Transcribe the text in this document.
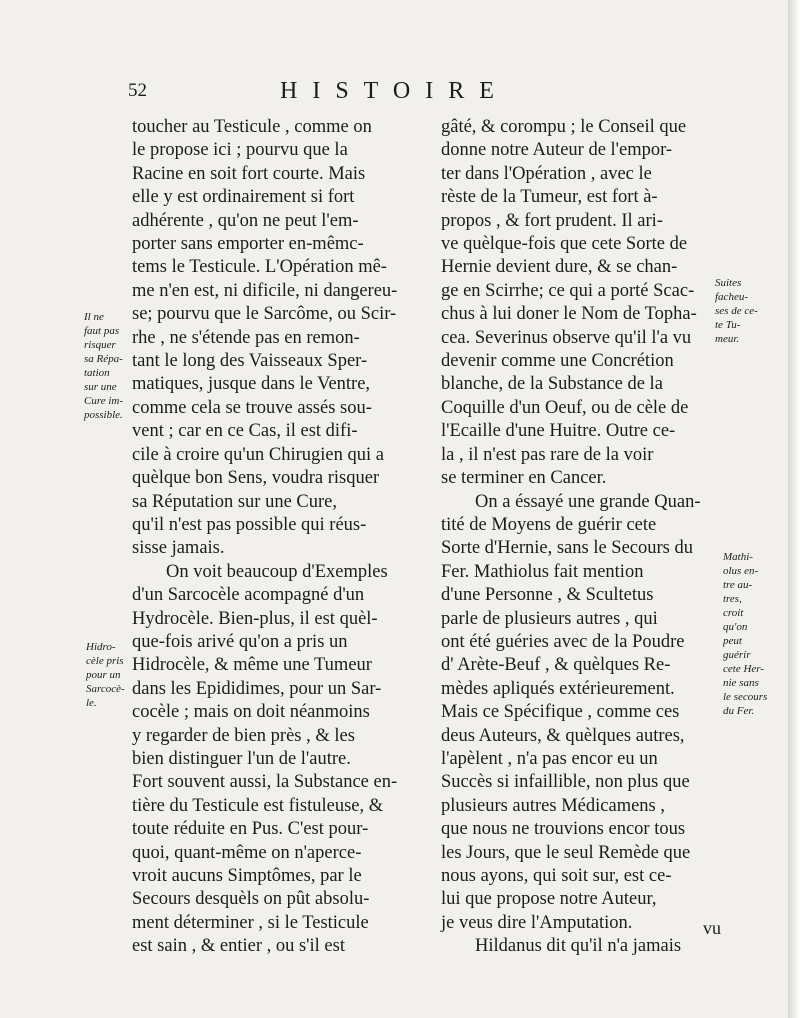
52	HISTOIRE
toucher au Testicule , comme on
le propose ici ; pourvu que la
Racine en soit fort courte. Mais
elle y est ordinairement si fort
adhérente , qu'on ne peut l'em-
porter sans emporter en-mêmc-
tems le Testicule. L'Opération mê-
me n'en est, ni dificile, ni dangereu-
se; pourvu que le Sarcôme, ou Scir-
rhe , ne s'étende pas en remon-
tant le long des Vaisseaux Sper-
matiques, jusque dans le Ventre,
comme cela se trouve assés sou-
vent ; car en ce Cas, il est difi-
cile à croire qu'un Chirugien qui a
quèlque bon Sens, voudra risquer
sa Réputation sur une Cure,
qu'il n'est pas possible qui réus-
sisse jamais.
On voit beaucoup d'Exemples
d'un Sarcocèle acompagné d'un
Hydrocèle. Bien-plus, il est quèl-
que-fois arivé qu'on a pris un
Hidrocèle, & même une Tumeur
dans les Epididimes, pour un Sar-
cocèle ; mais on doit néanmoins
y regarder de bien près , & les
bien distinguer l'un de l'autre.
Fort souvent aussi, la Substance en-
tière du Testicule est fistuleuse, &
toute réduite en Pus. C'est pour-
quoi, quant-même on n'aperce-
vroit aucuns Simptômes, par le
Secours desquèls on pût absolu-
ment déterminer , si le Testicule
est sain , & entier , ou s'il est
gâté, & corompu ; le Conseil que
donne notre Auteur de l'empor-
ter dans l'Opération , avec le
rèste de la Tumeur, est fort à-
propos , & fort prudent. Il ari-
ve quèlque-fois que cete Sorte de
Hernie devient dure, & se chan-
ge en Scirrhe; ce qui a porté Scac-
chus à lui doner le Nom de Topha-
cea. Severinus observe qu'il l'a vu
devenir comme une Concrétion
blanche, de la Substance de la
Coquille d'un Oeuf, ou de cèle de
l'Ecaille d'une Huitre. Outre ce-
la , il n'est pas rare de la voir
se terminer en Cancer.
On a éssayé une grande Quan-
tité de Moyens de guérir cete
Sorte d'Hernie, sans le Secours du
Fer. Mathiolus fait mention
d'une Personne , & Scultetus
parle de plusieurs autres , qui
ont été guéries avec de la Poudre
d' Arète-Beuf , & quèlques Re-
mèdes apliqués extérieurement.
Mais ce Spécifique , comme ces
deus Auteurs, & quèlques autres,
l'apèlent , n'a pas encor eu un
Succès si infaillible, non plus que
plusieurs autres Médicamens ,
que nous ne trouvions encor tous
les Jours, que le seul Remède que
nous ayons, qui soit sur, est ce-
lui que propose notre Auteur,
je veus dire l'Amputation.
Hildanus dit qu'il n'a jamais
vu
Il ne
faut pas
risquer
sa Répa-
tation
sur une
Cure im-
possible.
Hidro-
cèle pris
pour un
Sarcocè-
le.
Suites
facheu-
ses de ce-
te Tu-
meur.
Mathi-
olus en-
tre au-
tres,
croit
qu'on
peut
guérir
cete Her-
nie sans
le secours
du Fer.
